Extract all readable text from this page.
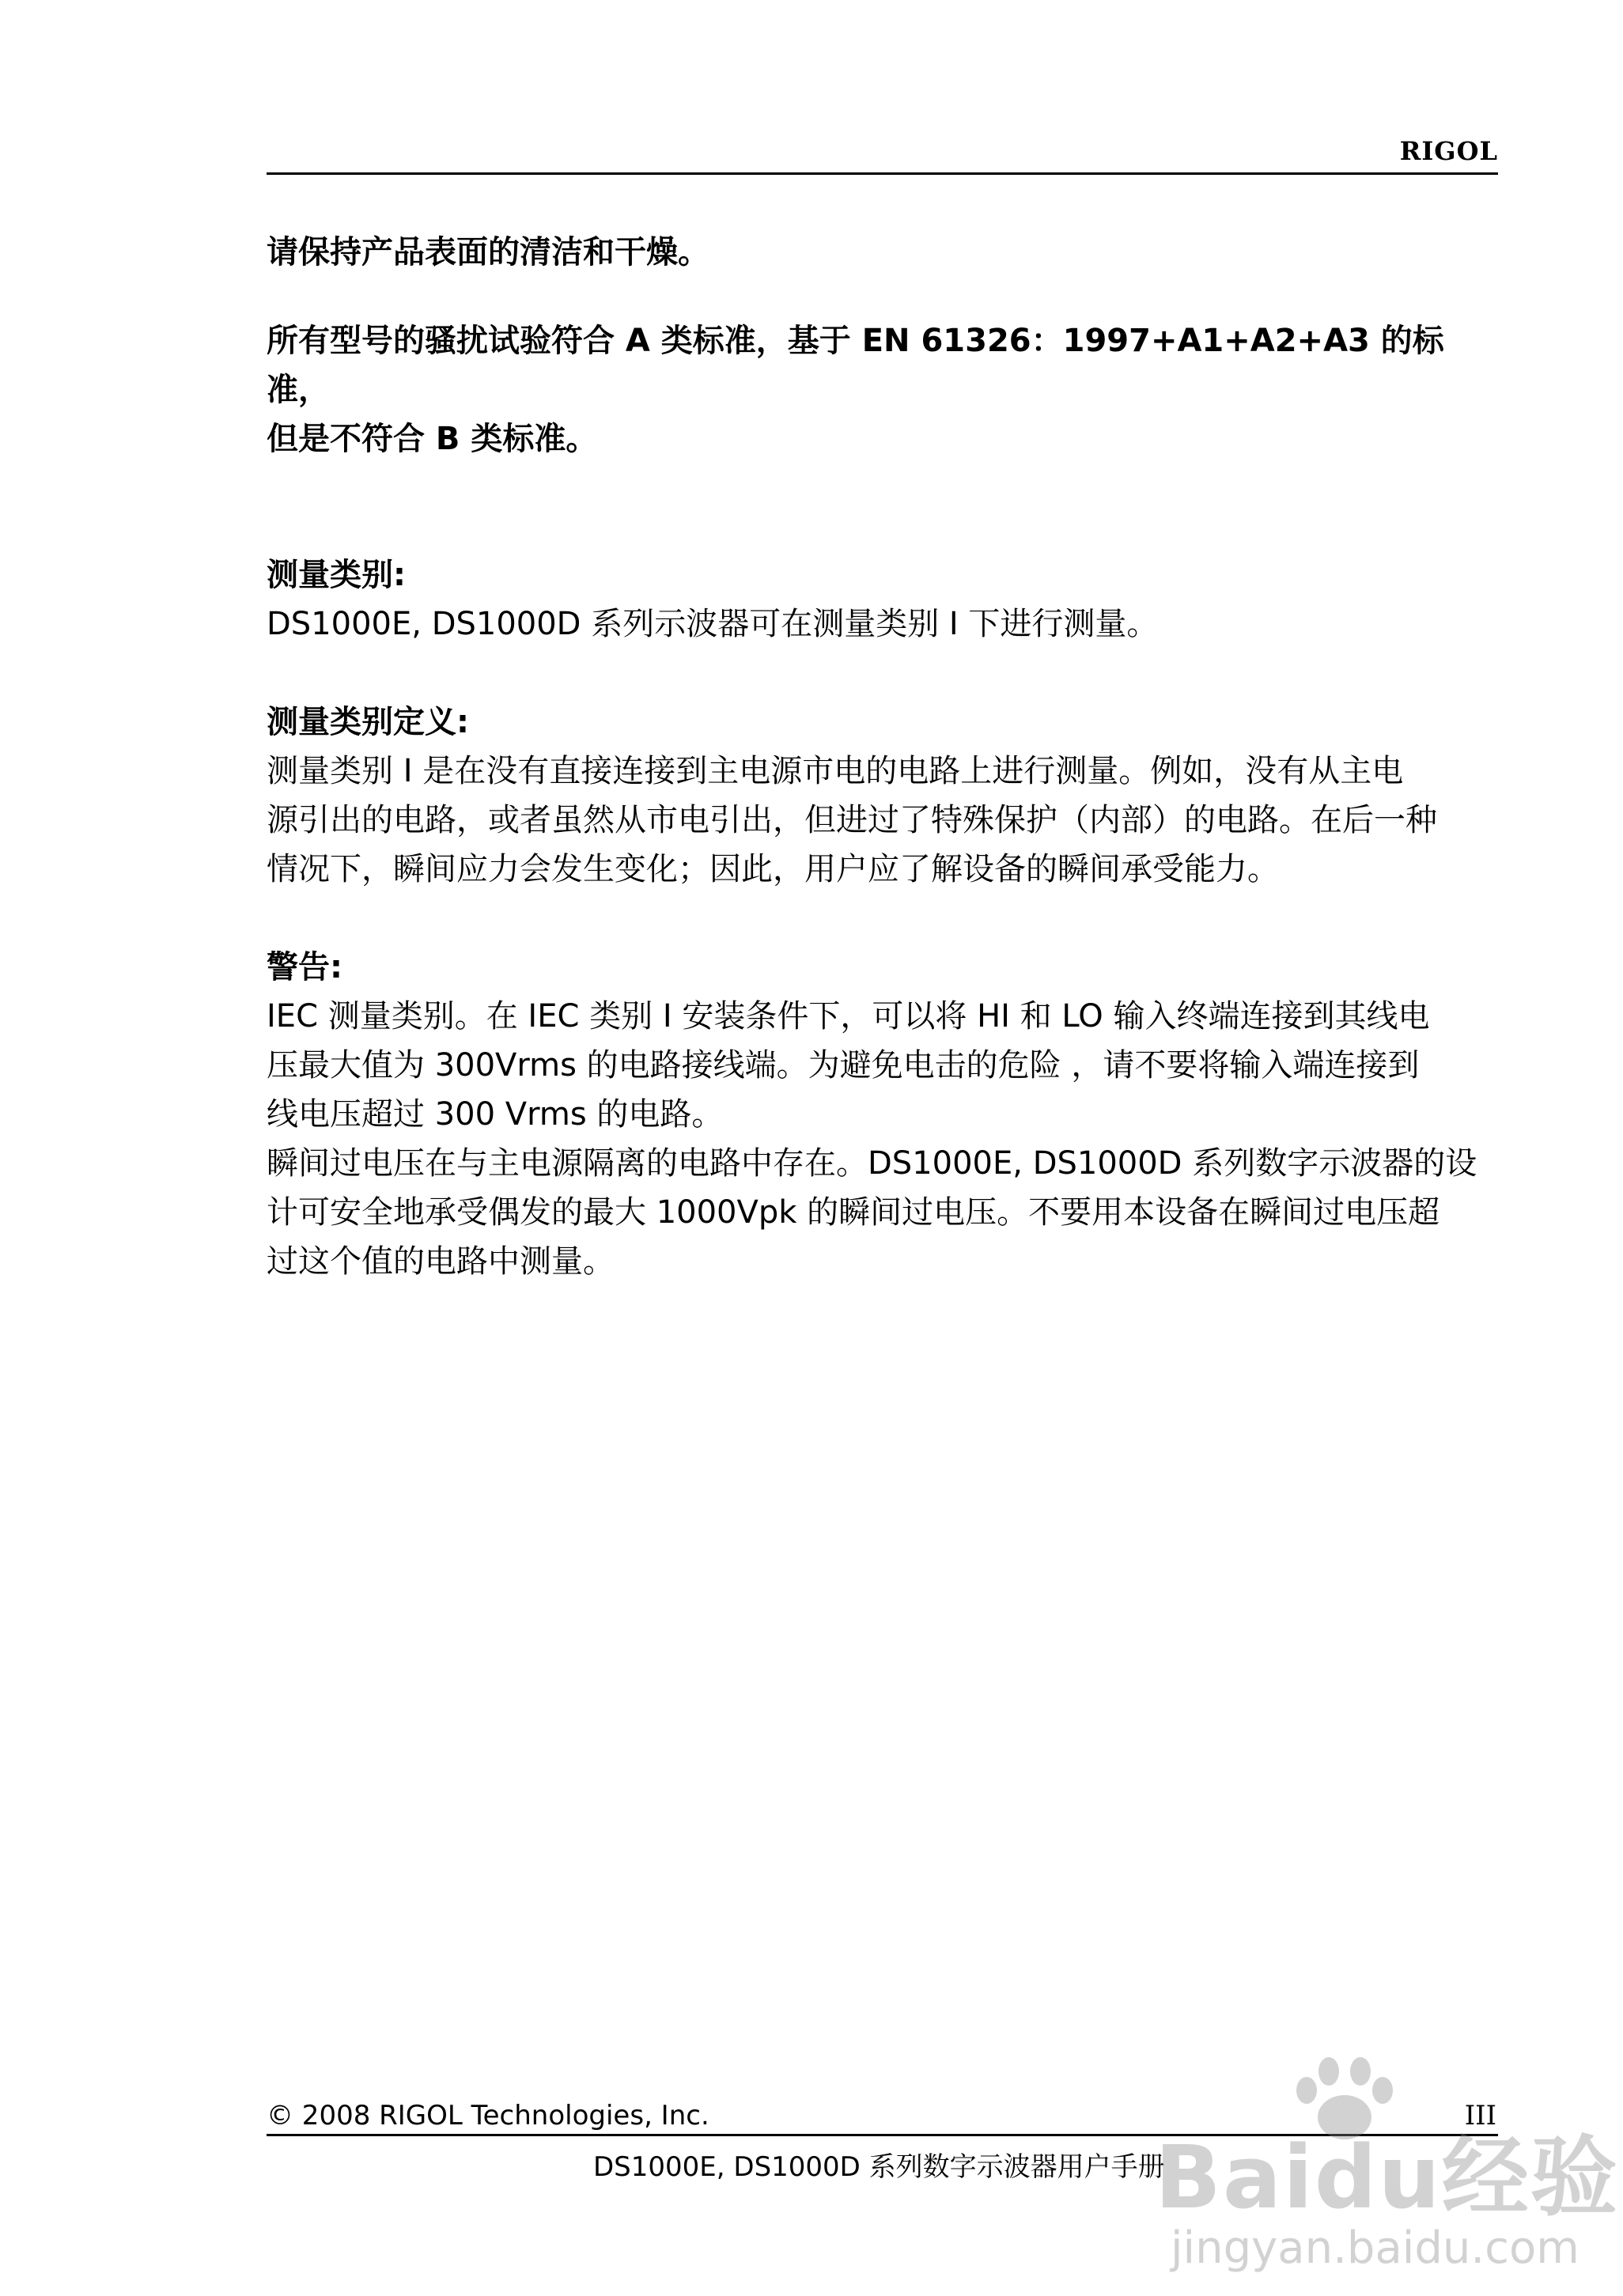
RIGOL

请保持产品表面的清洁和干燥。

所有型号的骚扰试验符合 A 类标准，基于 EN 61326：1997+A1+A2+A3 的标准，

但是不符合 B 类标准。

测量类别:

DS1000E, DS1000D 系列示波器可在测量类别 I 下进行测量。

测量类别定义:

测量类别 I 是在没有直接连接到主电源市电的电路上进行测量。例如，没有从主电

源引出的电路，或者虽然从市电引出，但进过了特殊保护（内部）的电路。在后一种

情况下，瞬间应力会发生变化；因此，用户应了解设备的瞬间承受能力。

警告:

IEC 测量类别。在 IEC 类别 I 安装条件下，可以将 HI 和 LO 输入终端连接到其线电

压最大值为 300Vrms 的电路接线端。为避免电击的危险 ，请不要将输入端连接到

线电压超过 300 Vrms 的电路。

瞬间过电压在与主电源隔离的电路中存在。DS1000E, DS1000D 系列数字示波器的设

计可安全地承受偶发的最大 1000Vpk 的瞬间过电压。不要用本设备在瞬间过电压超

过这个值的电路中测量。

© 2008 RIGOL Technologies, Inc.	III
DS1000E, DS1000D 系列数字示波器用户手册
Baidu经验
jingyan.baidu.com
